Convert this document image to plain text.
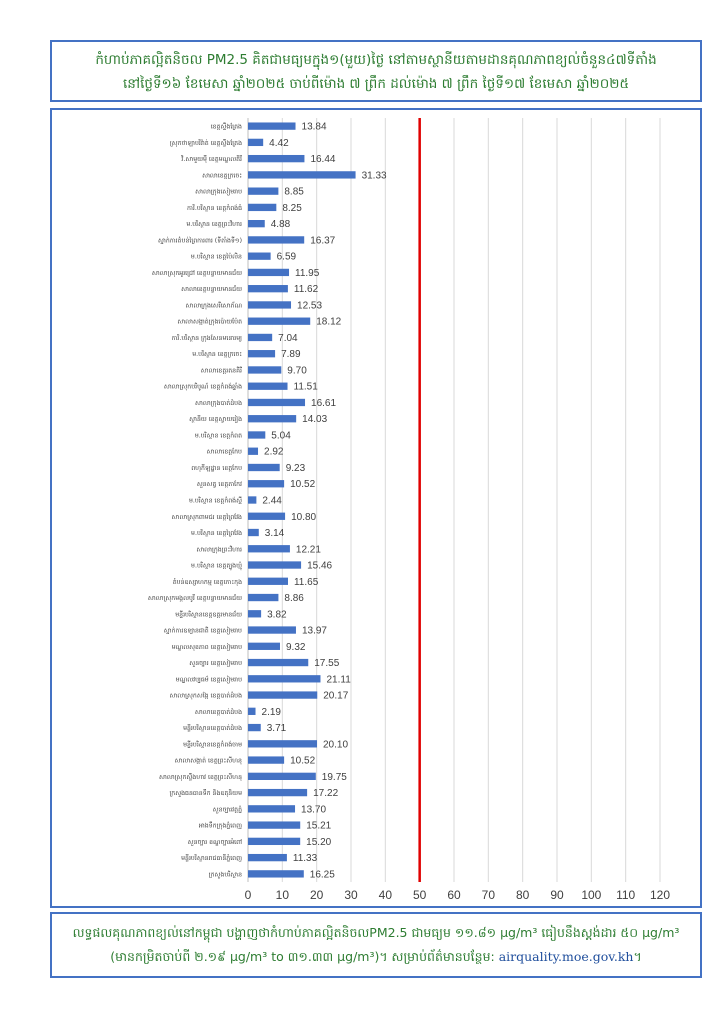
កំហាប់ភាគល្អិតនិចល PM2.5 គិតជាមធ្យមក្នុង១(មួយ)ថ្ងៃ នៅតាមស្ថានីយតាមដានគុណភាពខ្យល់ចំនួន៤៧ទីតាំង
នៅថ្ងៃទី១៦ ខែមេសា ឆ្នាំ២០២៥ ចាប់ពីម៉ោង ៧ ព្រឹក ដល់ម៉ោង ៧ ព្រឹក ថ្ងៃទី១៧ ខែមេសា ឆ្នាំ២០២៥
0 10 20 30 40 50 60 70 80 90 100 110 120
13.84
ខេត្តស្ទឹងត្រែង
4.42
ស្រុកថាឡាបរិវ៉ាត់ ខេត្តស្ទឹងត្រែង
16.44
វិ.សាមួយម៉ឺ ខេត្តមណ្ឌលគិរី
31.33
សាលាខេត្តក្រចេះ
8.85
សាលាក្រុងសៀមរាប
8.25
ការិ.បរិស្ថាន ខេត្តកំពង់ធំ
4.88
ម.បរិស្ថាន ខេត្តព្រះវិហារ
16.37
ស្នាក់ការតំបន់ព្រៃការពារ (ទីតាំងទី១)
6.59
ម.បរិស្ថាន ខេត្តប៉ៃលិន
11.95
សាលាស្រុកអូរជ្រៅ ខេត្តបន្ទាយមានជ័យ
11.62
សាលាខេត្តបន្ទាយមានជ័យ
12.53
សាលាក្រុងសេរីសោភ័ណ
18.12
សាលាសង្កាត់ក្រុងប៉ោយប៉ែត
7.04
ការិ.បរិស្ថាន ក្រុងសែនមនោរម្យ
7.89
ម.បរិស្ថាន ខេត្តក្រចេះ
9.70
សាលាខេត្តរតនគិរី
11.51
សាលាស្រុកបរិបូណ៌ ខេត្តកំពង់ឆ្នាំង
16.61
សាលាក្រុងបាត់ដំបង
14.03
ស្ថានីយ ខេត្តស្វាយរៀង
5.04
ម.បរិស្ថាន ខេត្តកំពត
2.92
សាលាខេត្តកែប
9.23
ពហុកីឡដ្ឋាន ខេត្តកែប
10.52
សួនសត្វ ខេត្តតាកែវ
2.44
ម.បរិស្ថាន ខេត្តកំពង់ស្ពឺ
10.80
សាលាស្រុកពាមជរ ខេត្តព្រៃវែង
3.14
ម.បរិស្ថាន ខេត្តព្រៃវែង
12.21
សាលាក្រុងព្រះវិហារ
15.46
ម.បរិស្ថាន ខេត្តត្បូងឃ្មុំ
11.65
តំបន់ឧស្សាហកម្ម ខេត្តកោះកុង
8.86
សាលាស្រុកមង្គលបូរី ខេត្តបន្ទាយមានជ័យ
3.82
មន្ទីរបរិស្ថានខេត្តឧត្តរមានជ័យ
13.97
ស្នាក់ការឧទ្យានជាតិ ខេត្តសៀមរាប
9.32
មណ្ឌលសុខភាព ខេត្តសៀមរាប
17.55
សួនច្បារ ខេត្តសៀមរាប
21.11
មណ្ឌលវប្បធម៌ ខេត្តសៀមរាប
20.17
សាលាស្រុកសង្កែ ខេត្តបាត់ដំបង
2.19
សាលាខេត្តបាត់ដំបង
3.71
មន្ទីរបរិស្ថានខេត្តបាត់ដំបង
20.10
មន្ទីរបរិស្ថានខេត្តកំពង់ចាម
10.52
សាលាសង្កាត់ ខេត្តព្រះសីហនុ
19.75
សាលាស្រុកស្ទឹងហាវ ខេត្តព្រះសីហនុ
17.22
ក្រសួងធនធានទឹក និងឧតុនិយម
13.70
សួនច្បារវត្តភ្នំ
15.21
អាងទឹកក្រុងភ្នំពេញ
15.20
សួនច្បារ ខណ្ឌច្បារអំពៅ
11.33
មន្ទីរបរិស្ថានរាជធានីភ្នំពេញ
16.25
ក្រសួងបរិស្ថាន
លទ្ធផលគុណភាពខ្យល់នៅកម្ពុជា បង្ហាញថាកំហាប់ភាគល្អិតនិចលPM2.5 ជាមធ្យម ១១.៨១ µg/m³ ធៀបនឹងស្តង់ដារ ៥០ µg/m³
(មានកម្រិតចាប់ពី ២.១៩ µg/m³ to ៣១.៣៣ µg/m³)។ សម្រាប់ព័ត៌មានបន្ថែម: airquality.moe.gov.kh។
